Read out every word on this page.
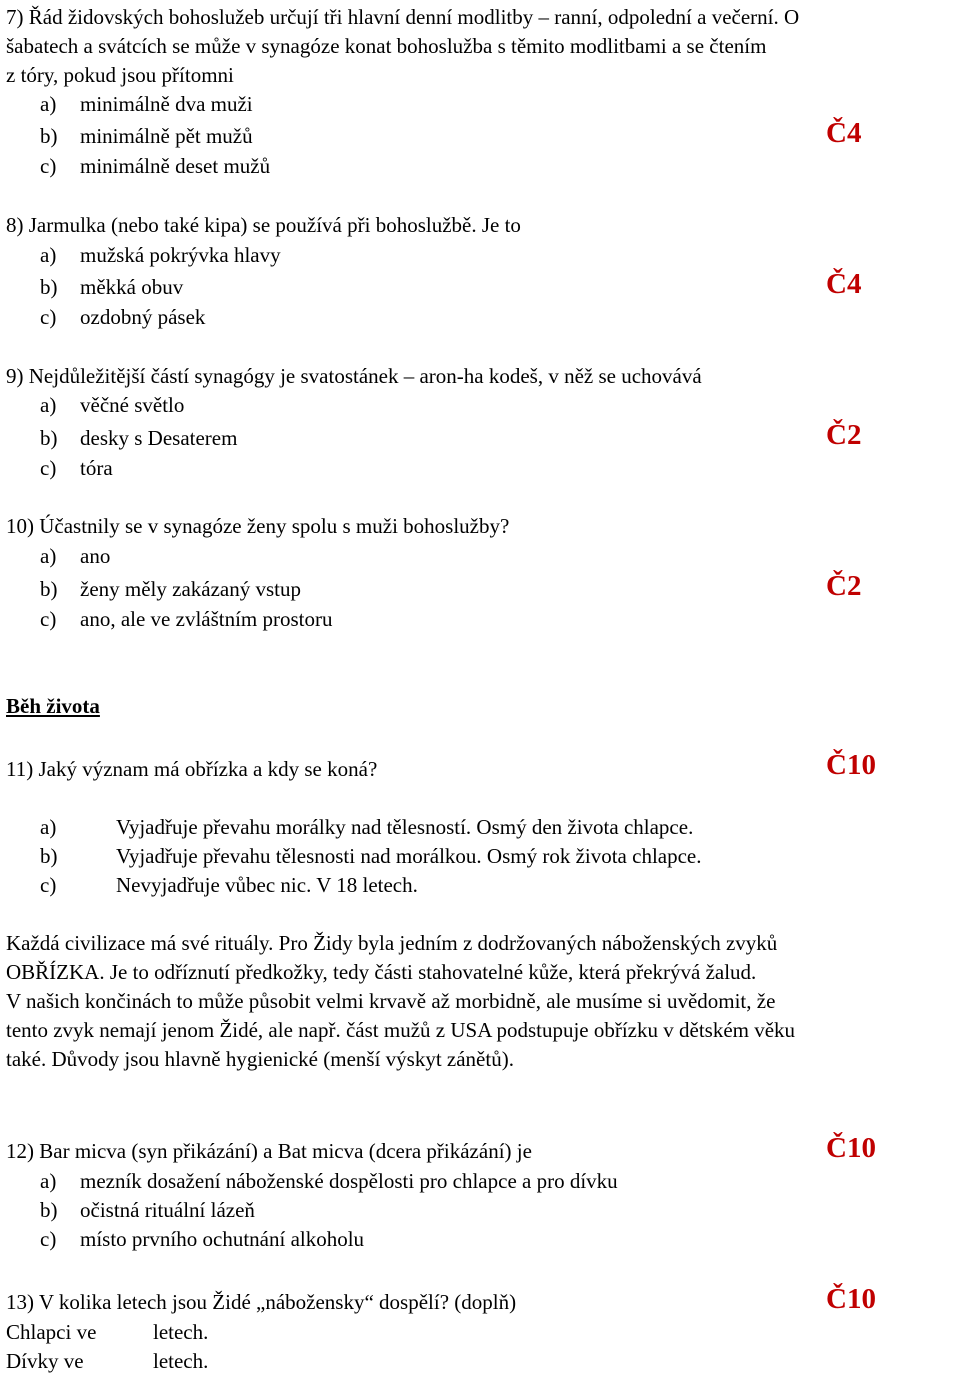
7) Řád židovských bohoslužeb určují tři hlavní denní modlitby – ranní, odpolední a večerní. O
šabatech a svátcích se může v synagóze konat bohoslužba s těmito modlitbami a se čtením
z tóry, pokud jsou přítomni
a) minimálně dva muži
b) minimálně pět mužů	Č4
c) minimálně deset mužů
8) Jarmulka (nebo také kipa) se používá při bohoslužbě. Je to
a) mužská pokrývka hlavy
b) měkká obuv	Č4
c) ozdobný pásek
9) Nejdůležitější částí synagógy je svatostánek – aron-ha kodeš, v něž se uchovává
a) věčné světlo
b) desky s Desaterem	Č2
c) tóra
10) Účastnily se v synagóze ženy spolu s muži bohoslužby?
a) ano
b) ženy měly zakázaný vstup	Č2
c) ano, ale ve zvláštním prostoru
Běh života
11) Jaký význam má obřízka a kdy se koná?	Č10
a)	Vyjadřuje převahu morálky nad tělesností. Osmý den života chlapce.
b)	Vyjadřuje převahu tělesnosti nad morálkou. Osmý rok života chlapce.
c)	Nevyjadřuje vůbec nic. V 18 letech.
Každá civilizace má své rituály. Pro Židy byla jedním z dodržovaných náboženských zvyků
OBŘÍZKA. Je to odříznutí předkožky, tedy části stahovatelné kůže, která překrývá žalud.
V našich končinách to může působit velmi krvavě až morbidně, ale musíme si uvědomit, že
tento zvyk nemají jenom Židé, ale např. část mužů z USA podstupuje obřízku v dětském věku
také. Důvody jsou hlavně hygienické (menší výskyt zánětů).
12) Bar micva (syn přikázání) a Bat micva (dcera přikázání) je	Č10
a) mezník dosažení náboženské dospělosti pro chlapce a pro dívku
b) očistná rituální lázeň
c) místo prvního ochutnání alkoholu
13) V kolika letech jsou Židé „nábožensky“ dospělí? (doplň)	Č10
Chlapci ve	letech.
Dívky ve	letech.
